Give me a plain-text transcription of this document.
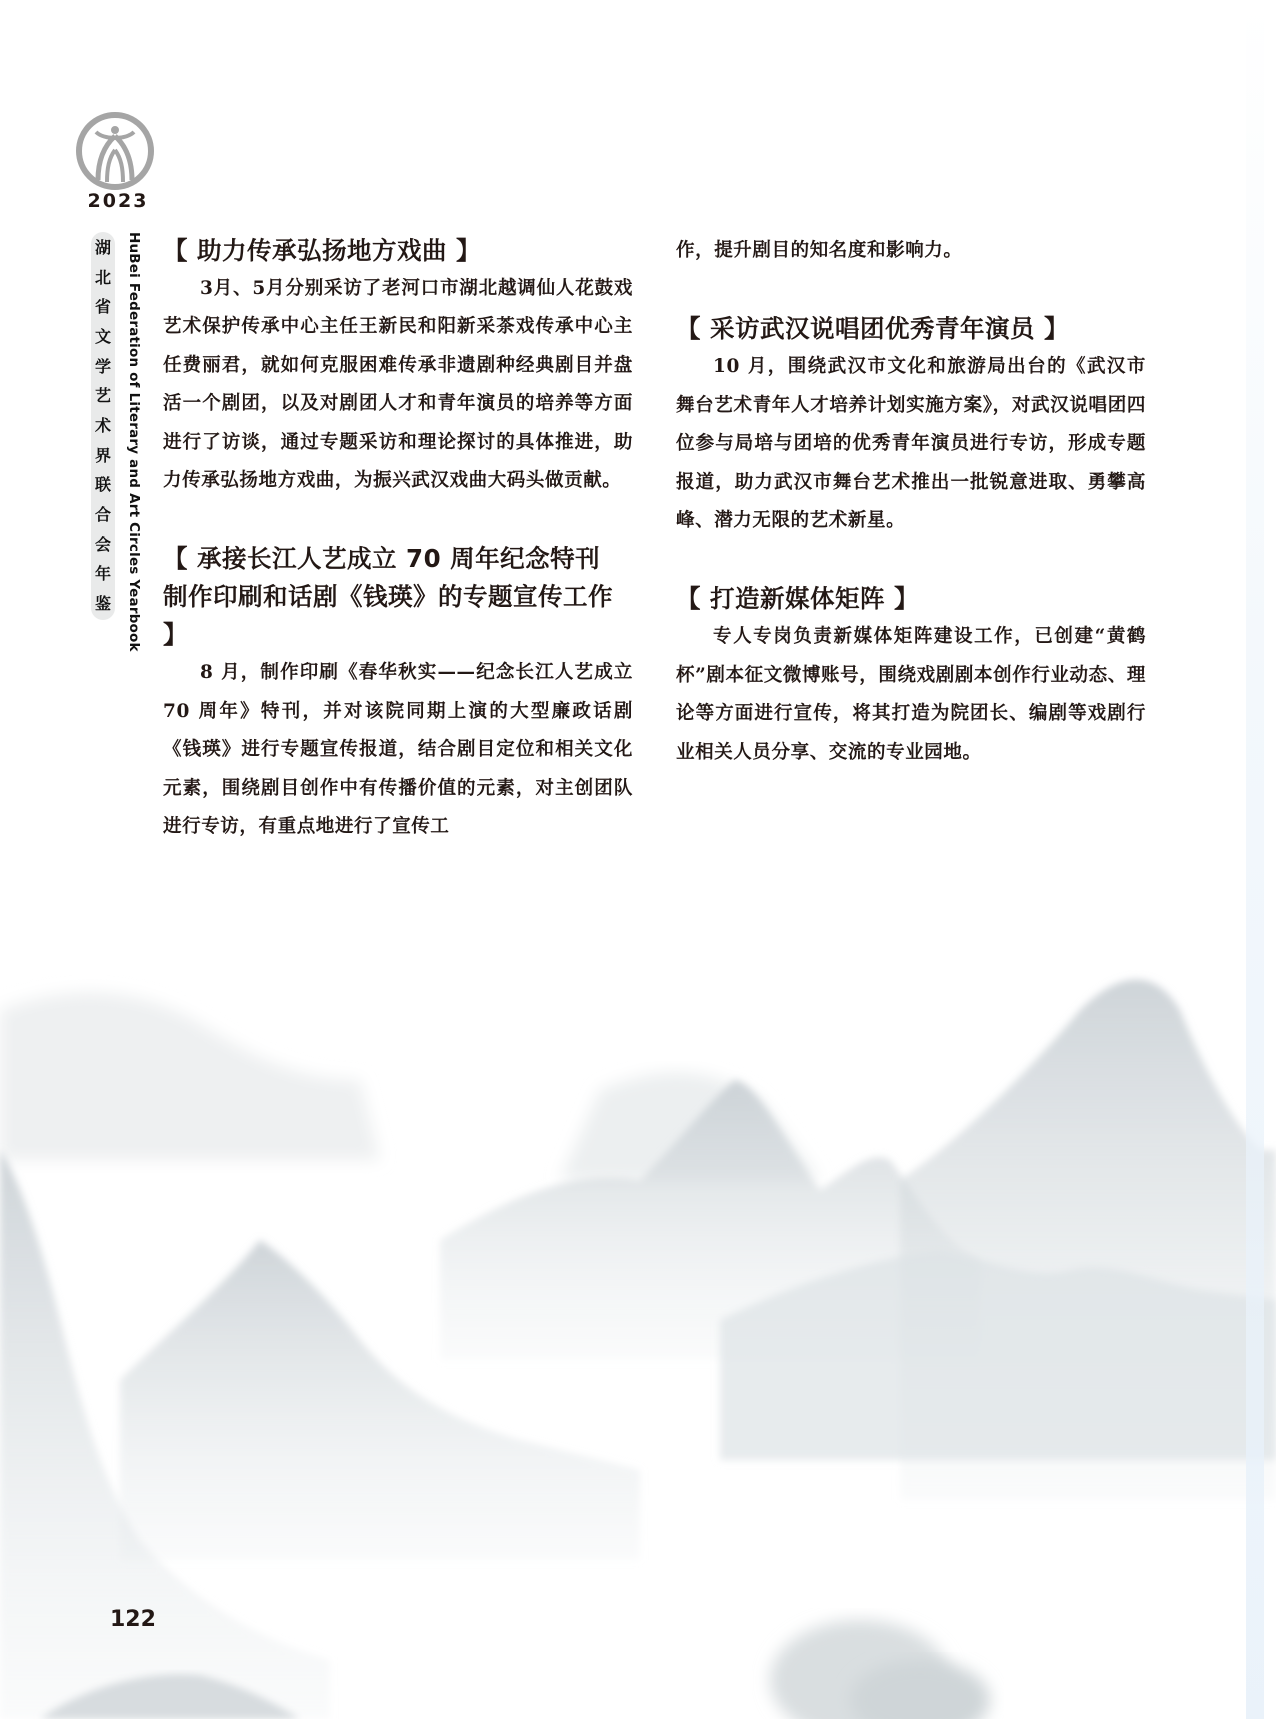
2023
湖
北
省
文
学
艺
术
界
联
合
会
年
鉴 HuBei Federation of Literary and Art Circles Yearbook 【 助力传承弘扬地方戏曲 】

3月、5月分别采访了老河口市湖北越调仙人花鼓戏艺术保护传承中心主任王新民和阳新采茶戏传承中心主任费丽君，就如何克服困难传承非遗剧种经典剧目并盘活一个剧团，以及对剧团人才和青年演员的培养等方面进行了访谈，通过专题采访和理论探讨的具体推进，助力传承弘扬地方戏曲，为振兴武汉戏曲大码头做贡献。

【 承接长江人艺成立 70 周年纪念特刊
制作印刷和话剧《钱瑛》的专题宣传工作 】

8 月，制作印刷《春华秋实——纪念长江人艺成立 70 周年》特刊，并对该院同期上演的大型廉政话剧《钱瑛》进行专题宣传报道，结合剧目定位和相关文化元素，围绕剧目创作中有传播价值的元素，对主创团队进行专访，有重点地进行了宣传工

作，提升剧目的知名度和影响力。

【 采访武汉说唱团优秀青年演员 】

10 月，围绕武汉市文化和旅游局出台的《武汉市舞台艺术青年人才培养计划实施方案》，对武汉说唱团四位参与局培与团培的优秀青年演员进行专访，形成专题报道，助力武汉市舞台艺术推出一批锐意进取、勇攀高峰、潜力无限的艺术新星。

【 打造新媒体矩阵 】

专人专岗负责新媒体矩阵建设工作，已创建“黄鹤杯”剧本征文微博账号，围绕戏剧剧本创作行业动态、理论等方面进行宣传，将其打造为院团长、编剧等戏剧行业相关人员分享、交流的专业园地。

122
